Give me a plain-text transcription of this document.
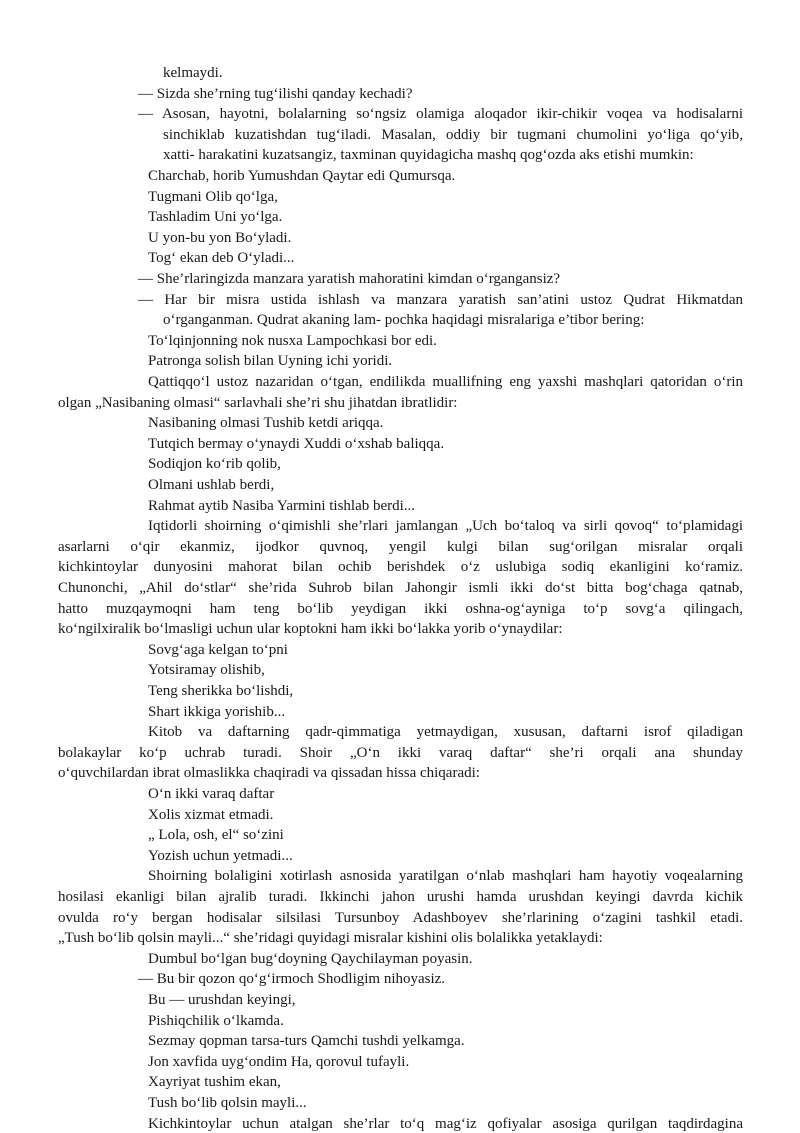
kelmaydi.
— Sizda she’rning tug‘ilishi qanday kechadi?
— Asosan, hayotni, bolalarning so‘ngsiz olamiga aloqador ikir-chikir voqea va hodisalarni
sinchiklab kuzatishdan tug‘iladi. Masalan, oddiy bir tugmani chumolini yo‘liga qo‘yib,
xatti- harakatini kuzatsangiz, taxminan quyidagicha mashq qog‘ozda aks etishi mumkin:
Charchab, horib Yumushdan Qaytar edi Qumursqa.
Tugmani Olib qo‘lga,
Tashladim Uni yo‘lga.
U yon-bu yon Bo‘yladi.
Tog‘ ekan deb O‘yladi...
— She’rlaringizda manzara yaratish mahoratini kimdan o‘rgangansiz?
— Har bir misra ustida ishlash va manzara yaratish san’atini ustoz Qudrat Hikmatdan
o‘rganganman. Qudrat akaning lam- pochka haqidagi misralariga e’tibor bering:
To‘lqinjonning nok nusxa Lampochkasi bor edi.
Patronga solish bilan Uyning ichi yoridi.
Qattiqqo‘l ustoz nazaridan o‘tgan, endilikda muallifning eng yaxshi mashqlari qatoridan o‘rin
olgan „Nasibaning olmasi“ sarlavhali she’ri shu jihatdan ibratlidir:
Nasibaning olmasi Tushib ketdi ariqqa.
Tutqich bermay o‘ynaydi Xuddi o‘xshab baliqqa.
Sodiqjon ko‘rib qolib,
Olmani ushlab berdi,
Rahmat aytib Nasiba Yarmini tishlab berdi...
Iqtidorli shoirning o‘qimishli she’rlari jamlangan „Uch bo‘taloq va sirli qovoq“ to‘plamidagi
asarlarni o‘qir ekanmiz, ijodkor quvnoq, yengil kulgi bilan sug‘orilgan misralar orqali
kichkintoylar dunyosini mahorat bilan ochib berishdek o‘z uslubiga sodiq ekanligini ko‘ramiz.
Chunonchi, „Ahil do‘stlar“ she’rida Suhrob bilan Jahongir ismli ikki do‘st bitta bog‘chaga qatnab,
hatto muzqaymoqni ham teng bo‘lib yeydigan ikki oshna-og‘ayniga to‘p sovg‘a qilingach,
ko‘ngilxiralik bo‘lmasligi uchun ular koptokni ham ikki bo‘lakka yorib o‘ynaydilar:
Sovg‘aga kelgan to‘pni
Yotsiramay olishib,
Teng sherikka bo‘lishdi,
Shart ikkiga yorishib...
Kitob va daftarning qadr-qimmatiga yetmaydigan, xususan, daftarni isrof qiladigan
bolakaylar ko‘p uchrab turadi. Shoir „O‘n ikki varaq daftar“ she’ri orqali ana shunday
o‘quvchilardan ibrat olmaslikka chaqiradi va qissadan hissa chiqaradi:
O‘n ikki varaq daftar
Xolis xizmat etmadi.
„ Lola, osh, el“ so‘zini
Yozish uchun yetmadi...
Shoirning bolaligini xotirlash asnosida yaratilgan o‘nlab mashqlari ham hayotiy voqealarning
hosilasi ekanligi bilan ajralib turadi. Ikkinchi jahon urushi hamda urushdan keyingi davrda kichik
ovulda ro‘y bergan hodisalar silsilasi Tursunboy Adashboyev she’rlarining o‘zagini tashkil etadi.
„Tush bo‘lib qolsin mayli...“ she’ridagi quyidagi misralar kishini olis bolalikka yetaklaydi:
Dumbul bo‘lgan bug‘doyning Qaychilayman poyasin.
— Bu bir qozon qo‘g‘irmoch Shodligim nihoyasiz.
Bu — urushdan keyingi,
Pishiqchilik o‘lkamda.
Sezmay qopman tarsa-turs Qamchi tushdi yelkamga.
Jon xavfida uyg‘ondim Ha, qorovul tufayli.
Xayriyat tushim ekan,
Tush bo‘lib qolsin mayli...
Kichkintoylar uchun atalgan she’rlar to‘q mag‘iz qofiyalar asosiga qurilgan taqdirdagina
